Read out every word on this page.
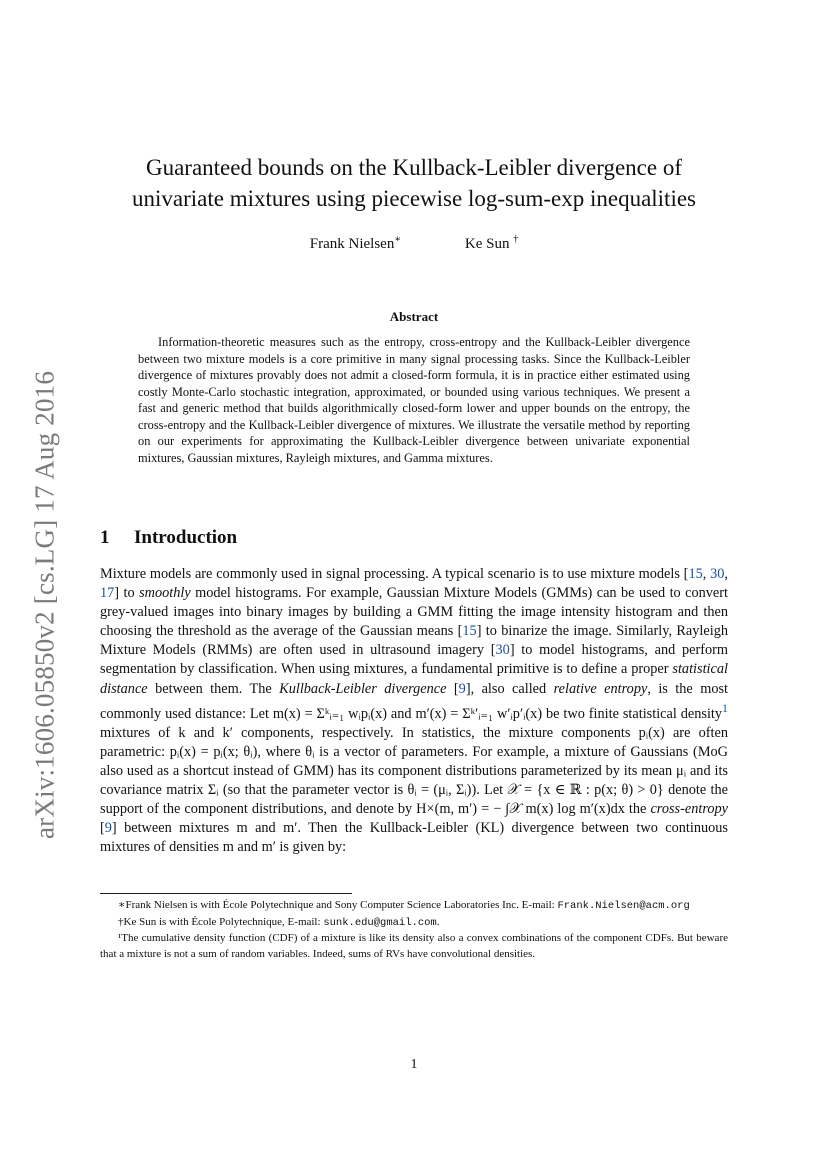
arXiv:1606.05850v2 [cs.LG] 17 Aug 2016
Guaranteed bounds on the Kullback-Leibler divergence of
univariate mixtures using piecewise log-sum-exp inequalities
Frank Nielsen∗	Ke Sun †
Abstract

Information-theoretic measures such as the entropy, cross-entropy and the Kullback-Leibler divergence between two mixture models is a core primitive in many signal processing tasks. Since the Kullback-Leibler divergence of mixtures provably does not admit a closed-form formula, it is in practice either estimated using costly Monte-Carlo stochastic integration, approximated, or bounded using various techniques. We present a fast and generic method that builds algorithmically closed-form lower and upper bounds on the entropy, the cross-entropy and the Kullback-Leibler divergence of mixtures. We illustrate the versatile method by reporting on our experiments for approximating the Kullback-Leibler divergence between univariate exponential mixtures, Gaussian mixtures, Rayleigh mixtures, and Gamma mixtures.

1 Introduction

Mixture models are commonly used in signal processing. A typical scenario is to use mixture models [15, 30, 17] to smoothly model histograms. For example, Gaussian Mixture Models (GMMs) can be used to convert grey-valued images into binary images by building a GMM fitting the image intensity histogram and then choosing the threshold as the average of the Gaussian means [15] to binarize the image. Similarly, Rayleigh Mixture Models (RMMs) are often used in ultrasound imagery [30] to model histograms, and perform segmentation by classification. When using mixtures, a fundamental primitive is to define a proper statistical distance between them. The Kullback-Leibler divergence [9], also called relative entropy, is the most commonly used distance: Let m(x) = Σᵏᵢ₌₁ wᵢpᵢ(x) and m′(x) = Σᵏ′ᵢ₌₁ w′ᵢp′ᵢ(x) be two finite statistical density$^1$ mixtures of k and k′ components, respectively. In statistics, the mixture components pᵢ(x) are often parametric: pᵢ(x) = pᵢ(x; θᵢ), where θᵢ is a vector of parameters. For example, a mixture of Gaussians (MoG also used as a shortcut instead of GMM) has its component distributions parameterized by its mean μᵢ and its covariance matrix Σᵢ (so that the parameter vector is θᵢ = (μᵢ, Σᵢ)). Let 𝒳 = {x ∈ ℝ : p(x; θ) > 0} denote the support of the component distributions, and denote by H×(m, m′) = − ∫𝒳 m(x) log m′(x)dx the cross-entropy [9] between mixtures m and m′. Then the Kullback-Leibler (KL) divergence between two continuous mixtures of densities m and m′ is given by:

∗Frank Nielsen is with École Polytechnique and Sony Computer Science Laboratories Inc. E-mail: Frank.Nielsen@acm.org

†Ke Sun is with École Polytechnique, E-mail: sunk.edu@gmail.com.

¹The cumulative density function (CDF) of a mixture is like its density also a convex combinations of the component CDFs. But beware that a mixture is not a sum of random variables. Indeed, sums of RVs have convolutional densities.

1
